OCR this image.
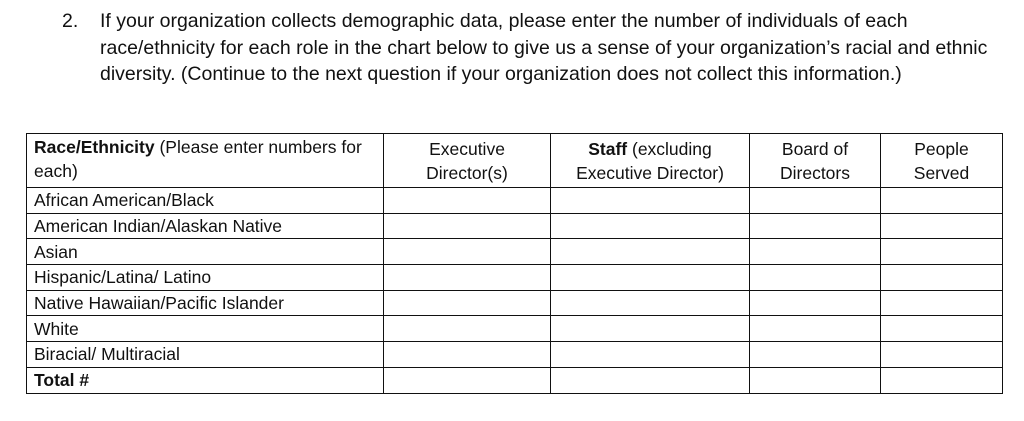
2. If your organization collects demographic data, please enter the number of individuals of each race/ethnicity for each role in the chart below to give us a sense of your organization’s racial and ethnic diversity. (Continue to the next question if your organization does not collect this information.)
Race/Ethnicity (Please enter numbers for each)	Executive Director(s)	Staff (excluding Executive Director)	Board of Directors	People Served
African American/Black				
American Indian/Alaskan Native				
Asian				
Hispanic/Latina/ Latino				
Native Hawaiian/Pacific Islander				
White				
Biracial/ Multiracial				
Total #				
